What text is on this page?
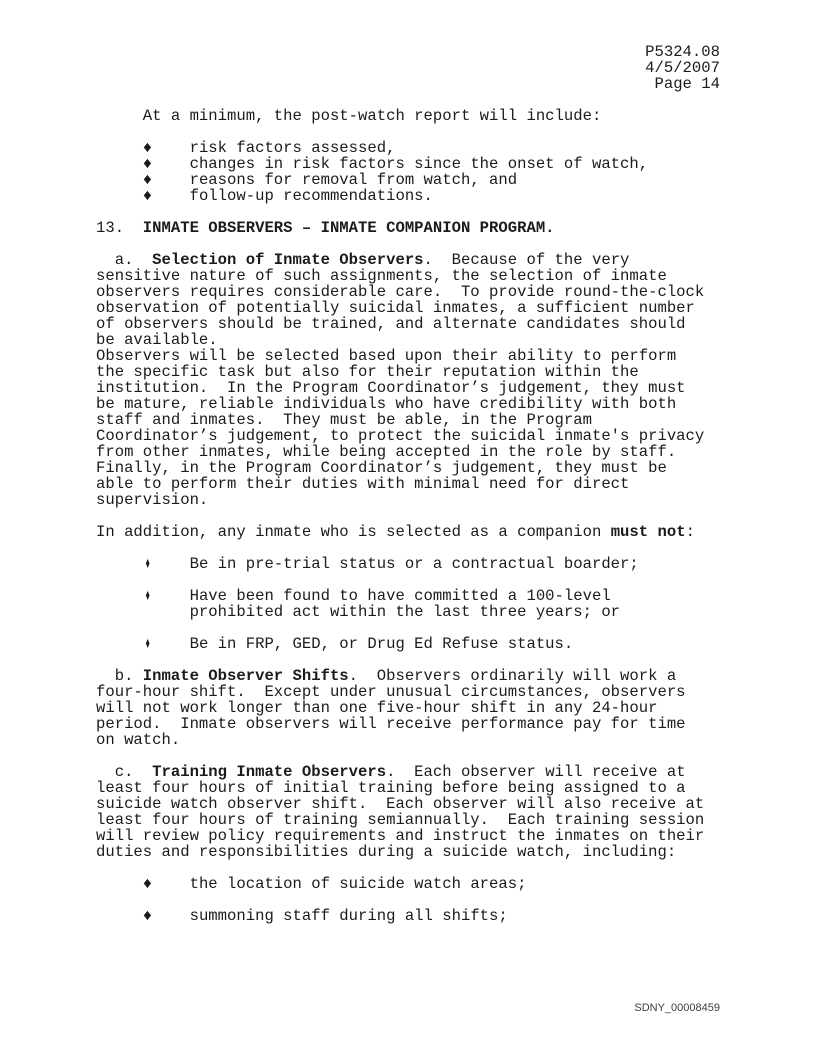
P5324.08
4/5/2007
Page 14
At a minimum, the post-watch report will include:
♦    risk factors assessed,
♦    changes in risk factors since the onset of watch,
♦    reasons for removal from watch, and
♦    follow-up recommendations.
13.  INMATE OBSERVERS – INMATE COMPANION PROGRAM.
a.  Selection of Inmate Observers.  Because of the very
sensitive nature of such assignments, the selection of inmate
observers requires considerable care.  To provide round-the-clock
observation of potentially suicidal inmates, a sufficient number
of observers should be trained, and alternate candidates should
be available.
Observers will be selected based upon their ability to perform
the specific task but also for their reputation within the
institution.  In the Program Coordinator’s judgement, they must
be mature, reliable individuals who have credibility with both
staff and inmates.  They must be able, in the Program
Coordinator’s judgement, to protect the suicidal inmate's privacy
from other inmates, while being accepted in the role by staff.
Finally, in the Program Coordinator’s judgement, they must be
able to perform their duties with minimal need for direct
supervision.
In addition, any inmate who is selected as a companion must not:
♦    Be in pre-trial status or a contractual boarder;
♦    Have been found to have committed a 100-level
prohibited act within the last three years; or
♦    Be in FRP, GED, or Drug Ed Refuse status.
b. Inmate Observer Shifts.  Observers ordinarily will work a
four-hour shift.  Except under unusual circumstances, observers
will not work longer than one five-hour shift in any 24-hour
period.  Inmate observers will receive performance pay for time
on watch.
c.  Training Inmate Observers.  Each observer will receive at
least four hours of initial training before being assigned to a
suicide watch observer shift.  Each observer will also receive at
least four hours of training semiannually.  Each training session
will review policy requirements and instruct the inmates on their
duties and responsibilities during a suicide watch, including:
♦    the location of suicide watch areas;
♦    summoning staff during all shifts;
SDNY_00008459
